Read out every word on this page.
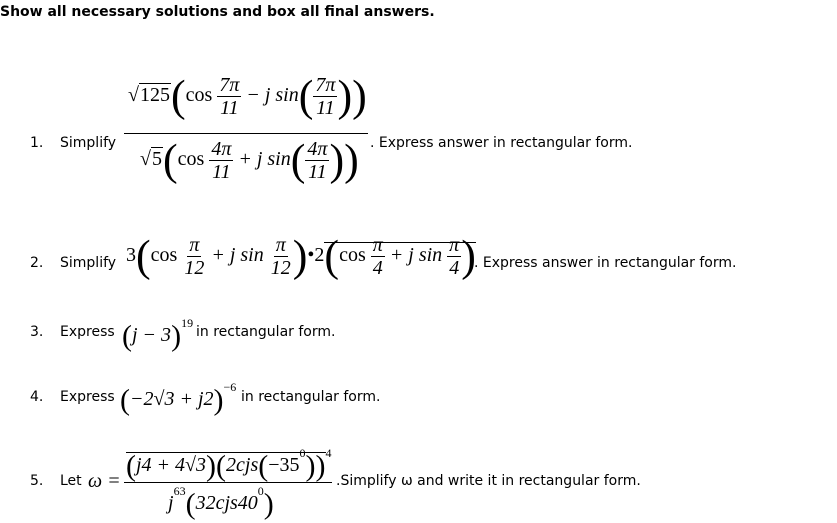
Show all necessary solutions and box all final answers.
1. Simplify
$√125(\cos \frac{7\pi}{11} - j$ $\sin( \frac{7\pi}{11}$ ))
$√5(\cos \frac{4\pi}{11} + j$ $\sin( \frac{4\pi}{11}$ )) . Express answer in rectangular form.
2. Simplify $3(\cos \frac{\pi}{12} + j$ $\sin \frac{\pi}{12}$ )•2(cos $\frac{\pi}{4} + j$ $\sin \frac{\pi}{4}$ )
. Express answer in rectangular form.
3. Express $(j - 3)^{19}$
in rectangular form.
4. Express $(-2√3 + j2)^{-6}$
in rectangular form.
5. Let $\omega = (j4 + 4√3)(2cjs(-35^0))^4$
$j^{63}(32cjs40^0)$
.Simplify ω and write it in rectangular form.
